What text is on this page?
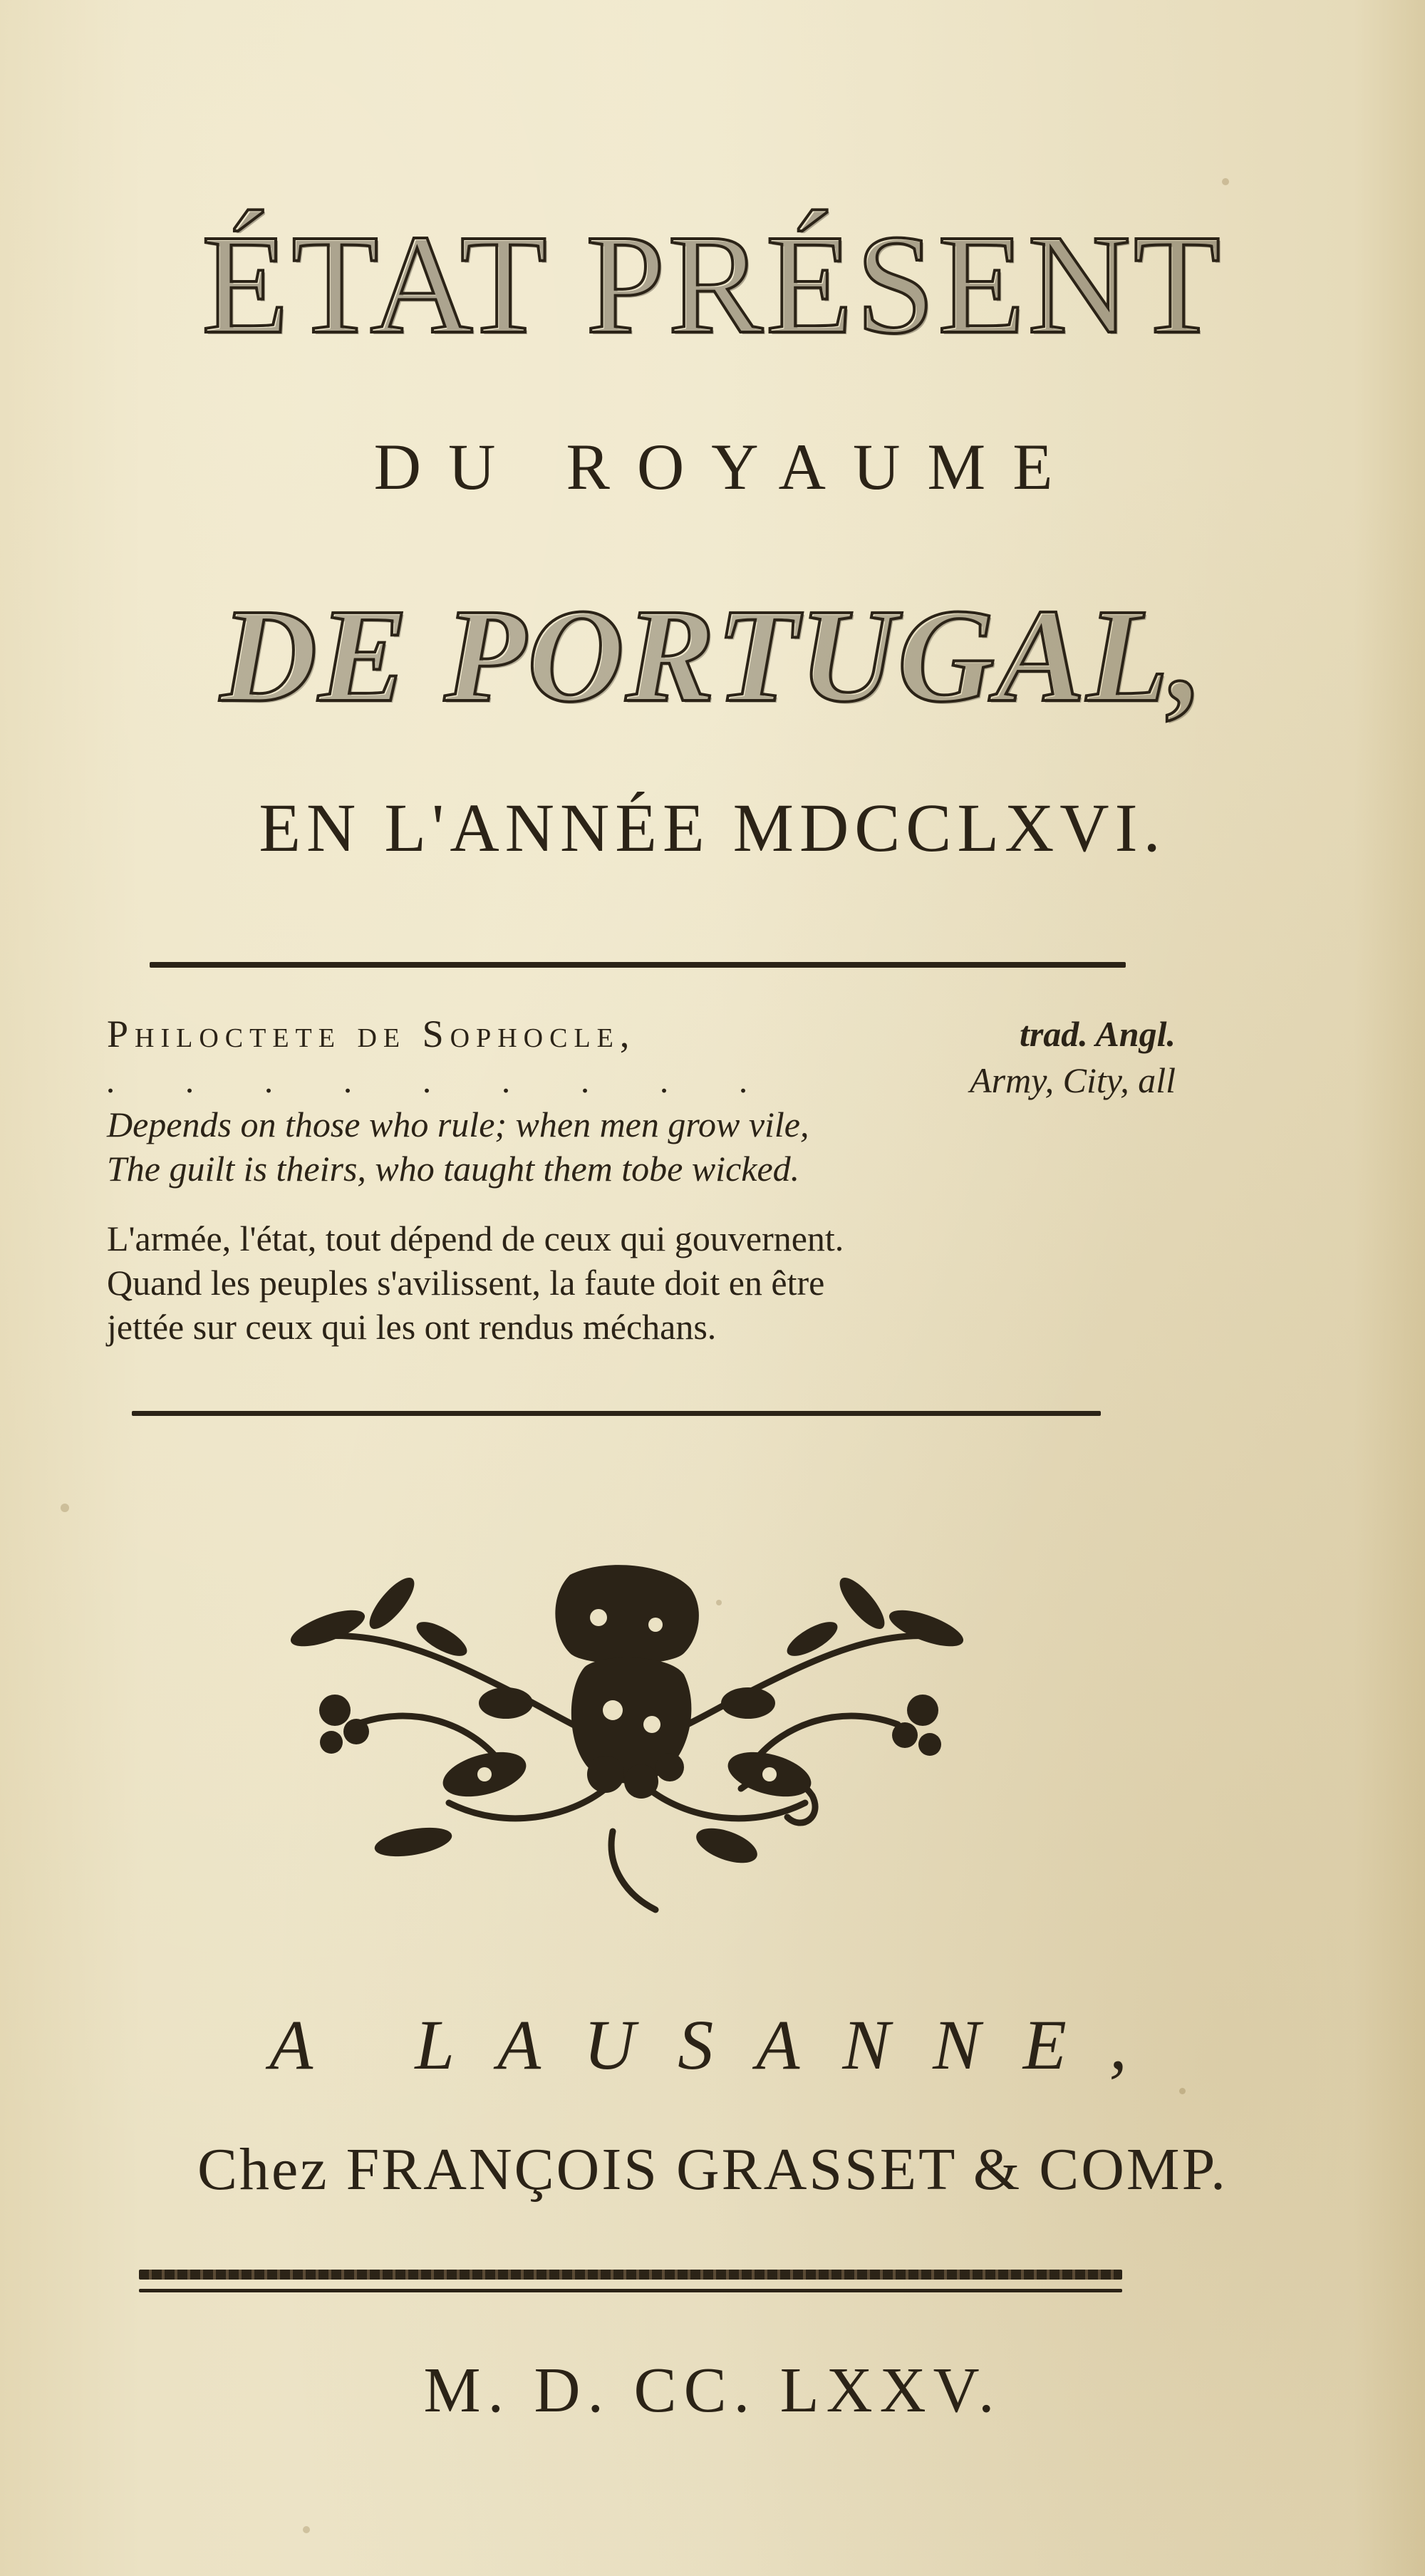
ÉTAT PRÉSENT
DU ROYAUME
DE PORTUGAL,
EN L'ANNÉE MDCCLXVI.
Philoctete de Sophocle,	trad. Angl.
. . . . . . . . .	Army, City, all
Depends on those who rule; when men grow vile,
The guilt is theirs, who taught them tobe wicked.
L'armée, l'état, tout dépend de ceux qui gouvernent.
Quand les peuples s'avilissent, la faute doit en être
jettée sur ceux qui les ont rendus méchans.
A LAUSANNE,
Chez FRANÇOIS GRASSET & COMP.
M. D. CC. LXXV.
